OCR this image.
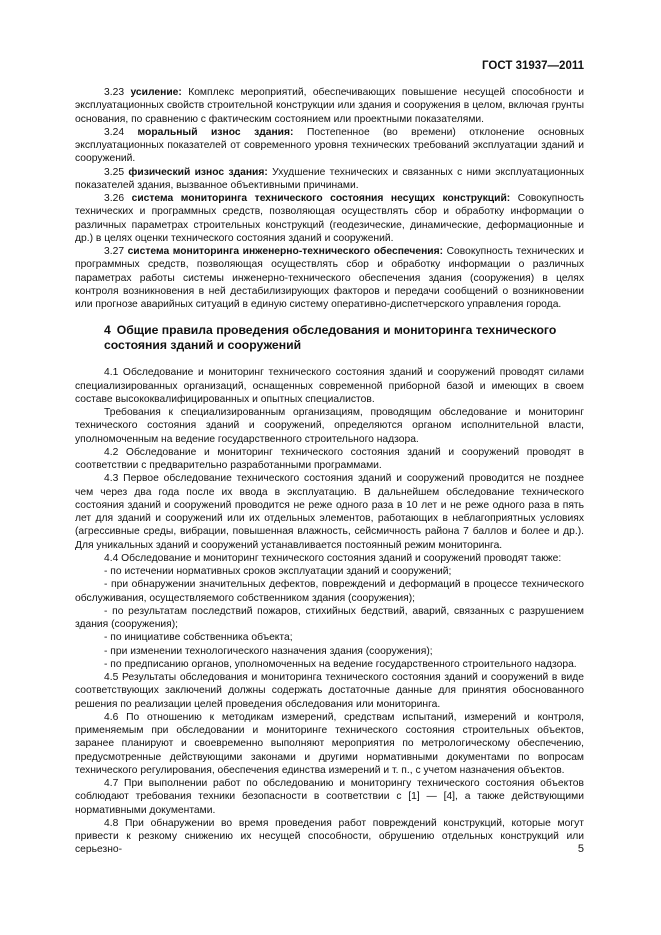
ГОСТ 31937—2011

3.23 усиление: Комплекс мероприятий, обеспечивающих повышение несущей способности и эксплуатационных свойств строительной конструкции или здания и сооружения в целом, включая грунты основания, по сравнению с фактическим состоянием или проектными показателями.

3.24 моральный износ здания: Постепенное (во времени) отклонение основных эксплуатационных показателей от современного уровня технических требований эксплуатации зданий и сооружений.

3.25 физический износ здания: Ухудшение технических и связанных с ними эксплуатационных показателей здания, вызванное объективными причинами.

3.26 система мониторинга технического состояния несущих конструкций: Совокупность технических и программных средств, позволяющая осуществлять сбор и обработку информации о различных параметрах строительных конструкций (геодезические, динамические, деформационные и др.) в целях оценки технического состояния зданий и сооружений.

3.27 система мониторинга инженерно-технического обеспечения: Совокупность технических и программных средств, позволяющая осуществлять сбор и обработку информации о различных параметрах работы системы инженерно-технического обеспечения здания (сооружения) в целях контроля возникновения в ней дестабилизирующих факторов и передачи сообщений о возникновении или прогнозе аварийных ситуаций в единую систему оперативно-диспетчерского управления города.

4 Общие правила проведения обследования и мониторинга технического состояния зданий и сооружений

4.1 Обследование и мониторинг технического состояния зданий и сооружений проводят силами специализированных организаций, оснащенных современной приборной базой и имеющих в своем составе высококвалифицированных и опытных специалистов.

Требования к специализированным организациям, проводящим обследование и мониторинг технического состояния зданий и сооружений, определяются органом исполнительной власти, уполномоченным на ведение государственного строительного надзора.

4.2 Обследование и мониторинг технического состояния зданий и сооружений проводят в соответствии с предварительно разработанными программами.

4.3 Первое обследование технического состояния зданий и сооружений проводится не позднее чем через два года после их ввода в эксплуатацию. В дальнейшем обследование технического состояния зданий и сооружений проводится не реже одного раза в 10 лет и не реже одного раза в пять лет для зданий и сооружений или их отдельных элементов, работающих в неблагоприятных условиях (агрессивные среды, вибрации, повышенная влажность, сейсмичность района 7 баллов и более и др.). Для уникальных зданий и сооружений устанавливается постоянный режим мониторинга.

4.4 Обследование и мониторинг технического состояния зданий и сооружений проводят также:

- по истечении нормативных сроков эксплуатации зданий и сооружений;

- при обнаружении значительных дефектов, повреждений и деформаций в процессе технического обслуживания, осуществляемого собственником здания (сооружения);

- по результатам последствий пожаров, стихийных бедствий, аварий, связанных с разрушением здания (сооружения);

- по инициативе собственника объекта;

- при изменении технологического назначения здания (сооружения);

- по предписанию органов, уполномоченных на ведение государственного строительного надзора.

4.5 Результаты обследования и мониторинга технического состояния зданий и сооружений в виде соответствующих заключений должны содержать достаточные данные для принятия обоснованного решения по реализации целей проведения обследования или мониторинга.

4.6 По отношению к методикам измерений, средствам испытаний, измерений и контроля, применяемым при обследовании и мониторинге технического состояния строительных объектов, заранее планируют и своевременно выполняют мероприятия по метрологическому обеспечению, предусмотренные действующими законами и другими нормативными документами по вопросам технического регулирования, обеспечения единства измерений и т. п., с учетом назначения объектов.

4.7 При выполнении работ по обследованию и мониторингу технического состояния объектов соблюдают требования техники безопасности в соответствии с [1] — [4], а также действующими нормативными документами.

4.8 При обнаружении во время проведения работ повреждений конструкций, которые могут привести к резкому снижению их несущей способности, обрушению отдельных конструкций или серьезно-	5
